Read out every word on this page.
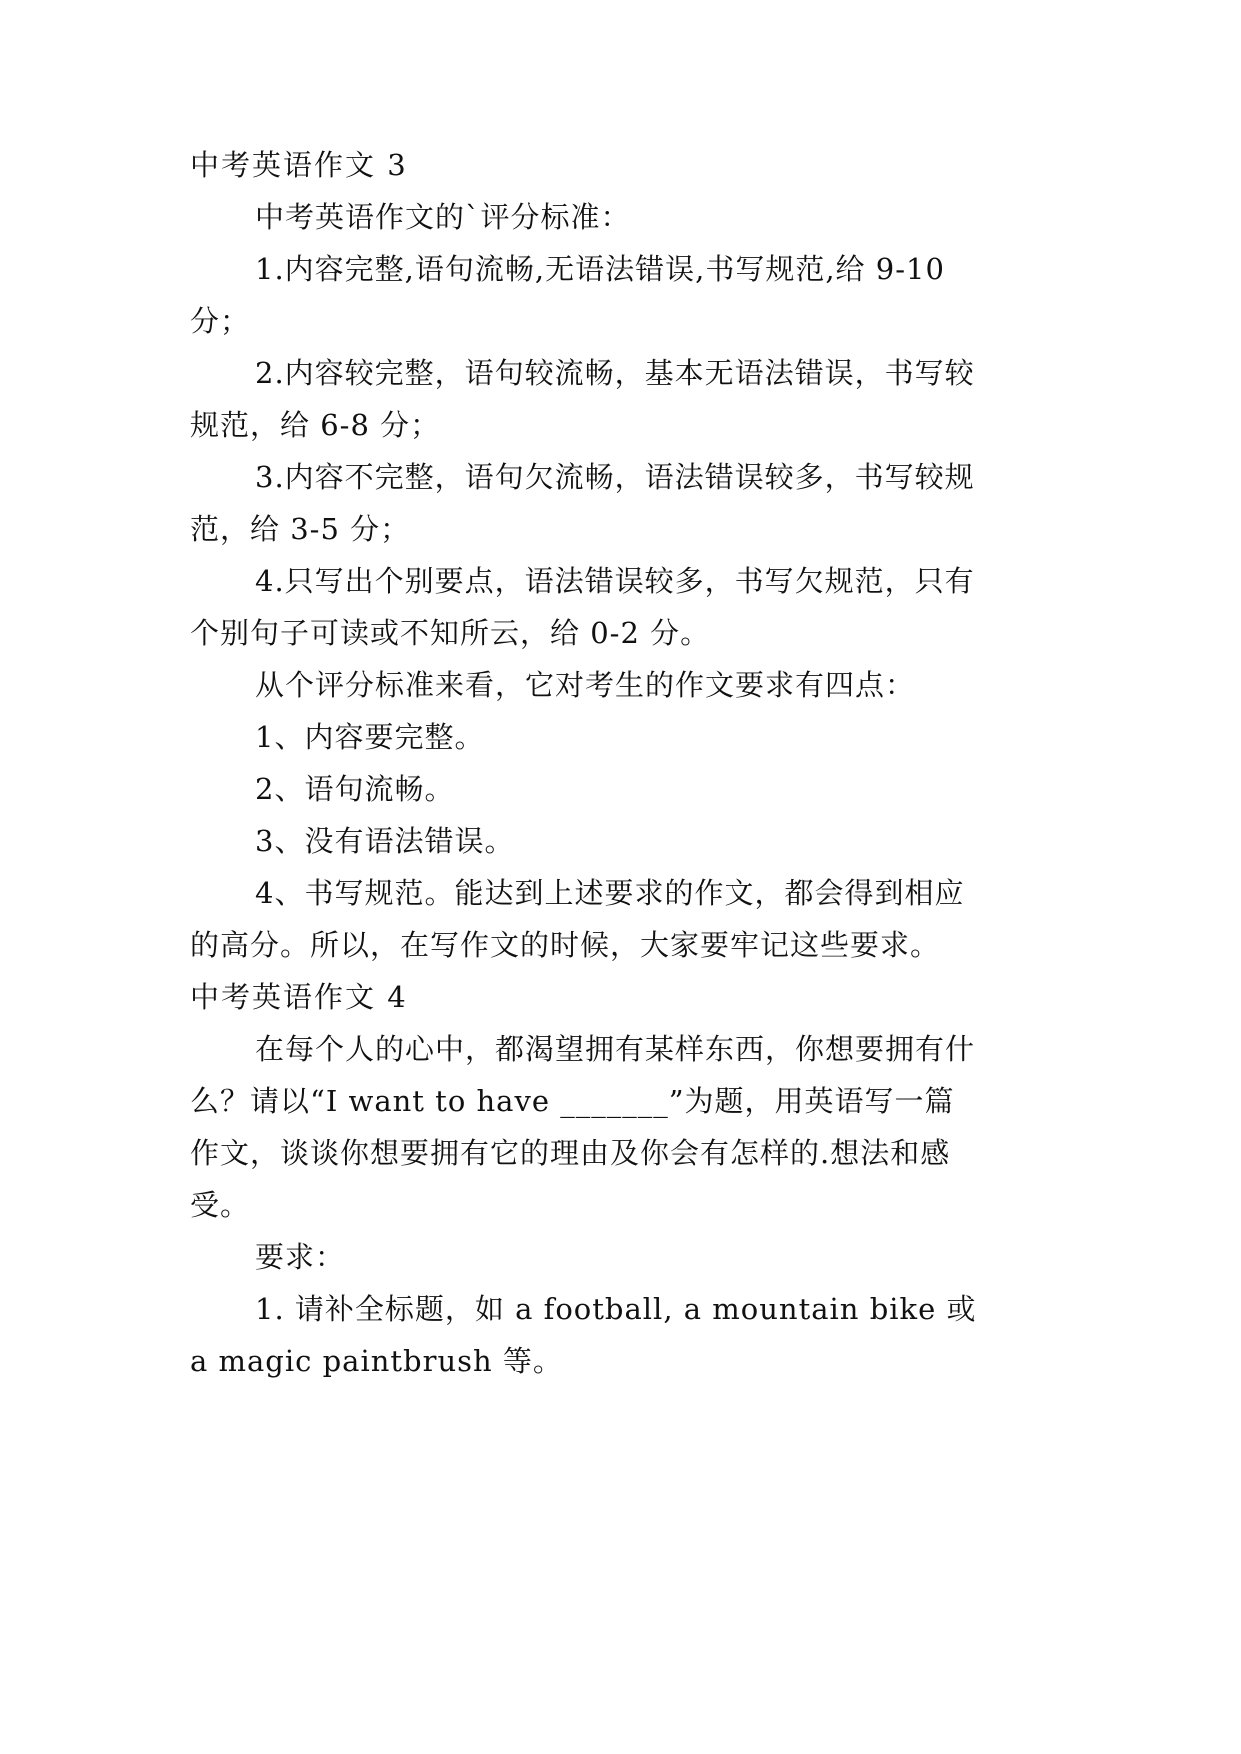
中考英语作文 3
中考英语作文的`评分标准：
1.内容完整,语句流畅,无语法错误,书写规范,给 9-10
分；
2.内容较完整，语句较流畅，基本无语法错误，书写较
规范，给 6-8 分；
3.内容不完整，语句欠流畅，语法错误较多，书写较规
范，给 3-5 分；
4.只写出个别要点，语法错误较多，书写欠规范，只有
个别句子可读或不知所云，给 0-2 分。
从个评分标准来看，它对考生的作文要求有四点：
1、内容要完整。
2、语句流畅。
3、没有语法错误。
4、书写规范。能达到上述要求的作文，都会得到相应
的高分。所以，在写作文的时候，大家要牢记这些要求。
中考英语作文 4
在每个人的心中，都渴望拥有某样东西，你想要拥有什
么？请以“I want to have _______”为题，用英语写一篇
作文，谈谈你想要拥有它的理由及你会有怎样的.想法和感
受。
要求：
1. 请补全标题，如 a football, a mountain bike 或
a magic paintbrush 等。
